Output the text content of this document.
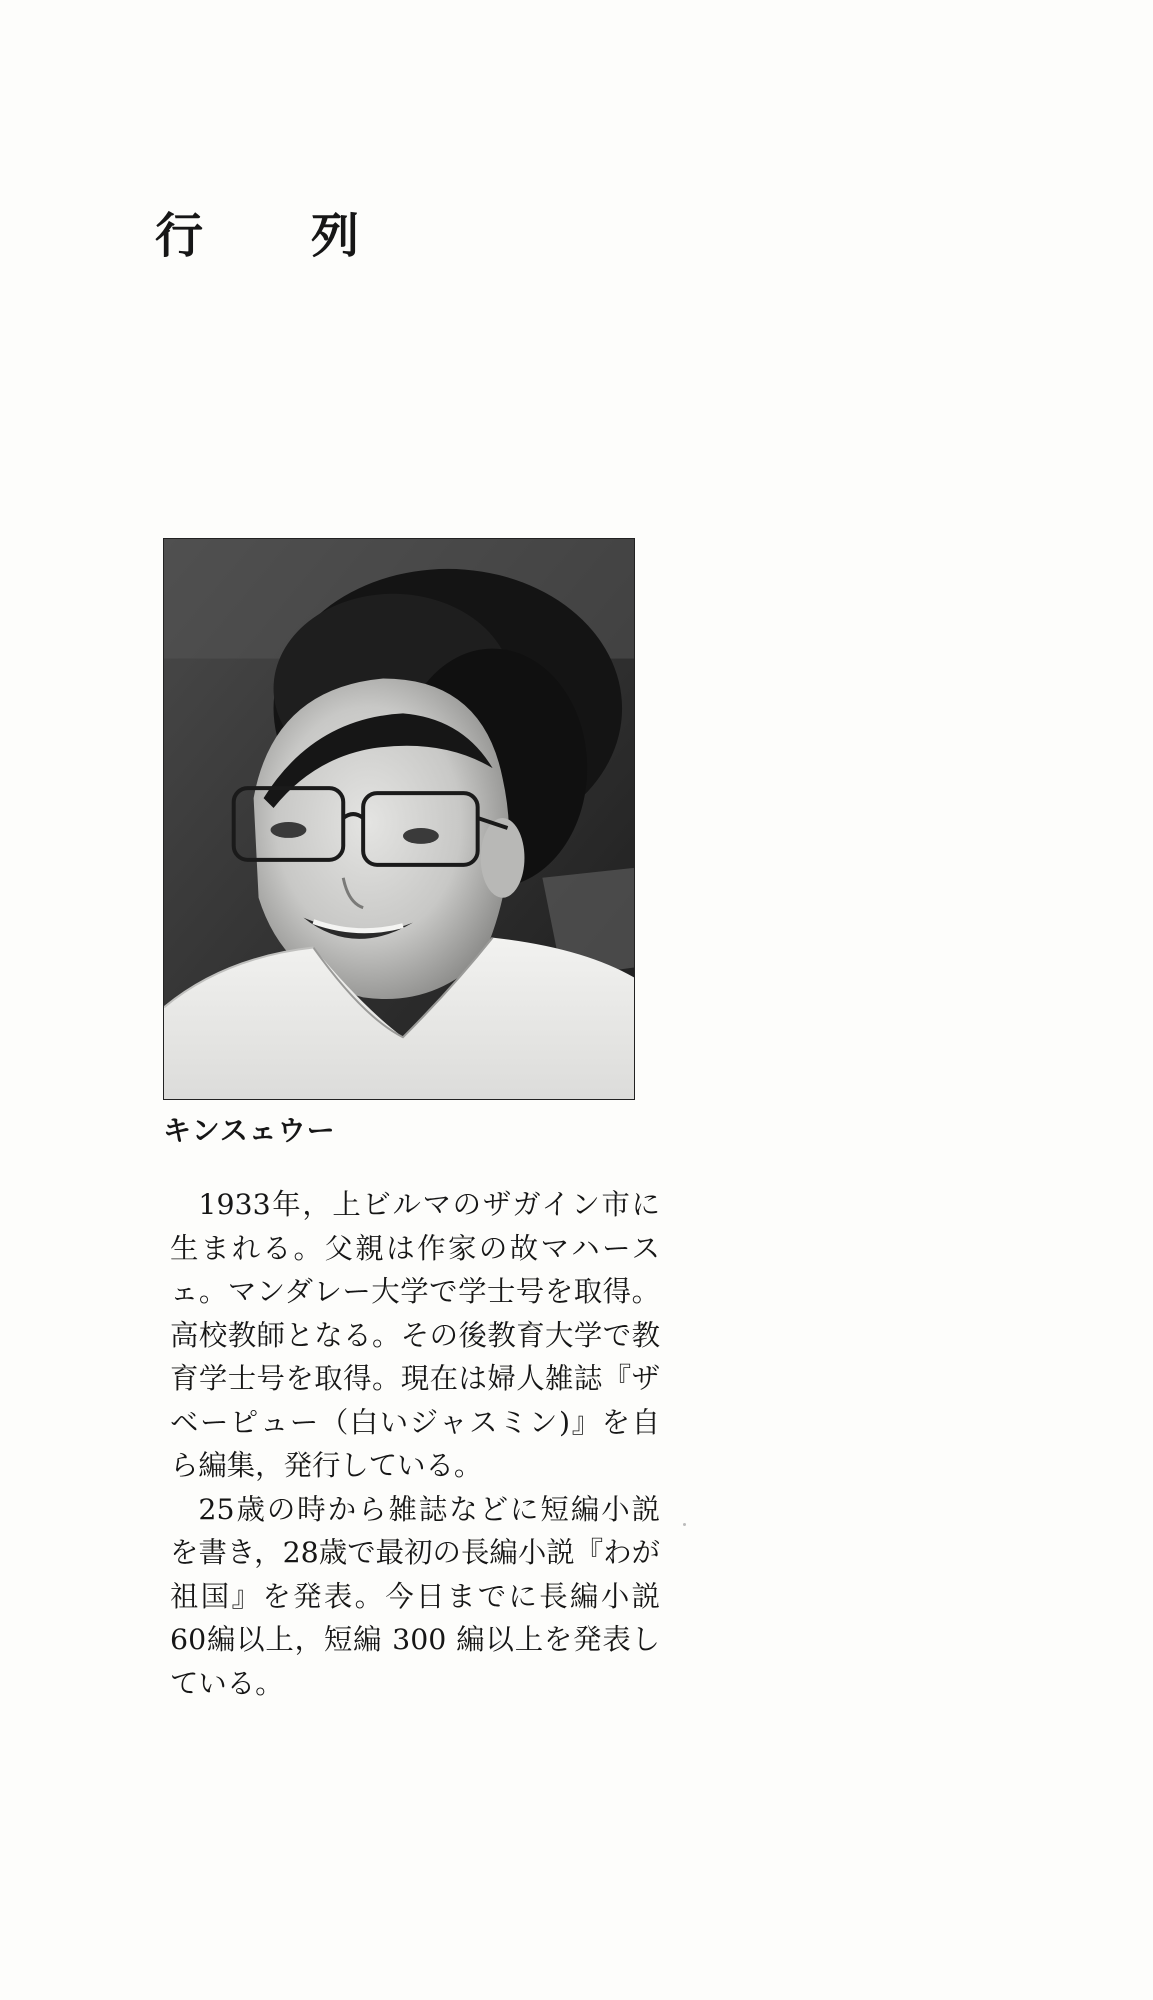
行　列
キンスェウー

1933年，上ビルマのザガイン市に生まれる。父親は作家の故マハースェ。マンダレー大学で学士号を取得。高校教師となる。その後教育大学で教育学士号を取得。現在は婦人雑誌『ザベーピュー（白いジャスミン)』を自ら編集，発行している。

25歳の時から雑誌などに短編小説を書き，28歳で最初の長編小説『わが祖国』を発表。今日までに長編小説60編以上，短編 300 編以上を発表している。
